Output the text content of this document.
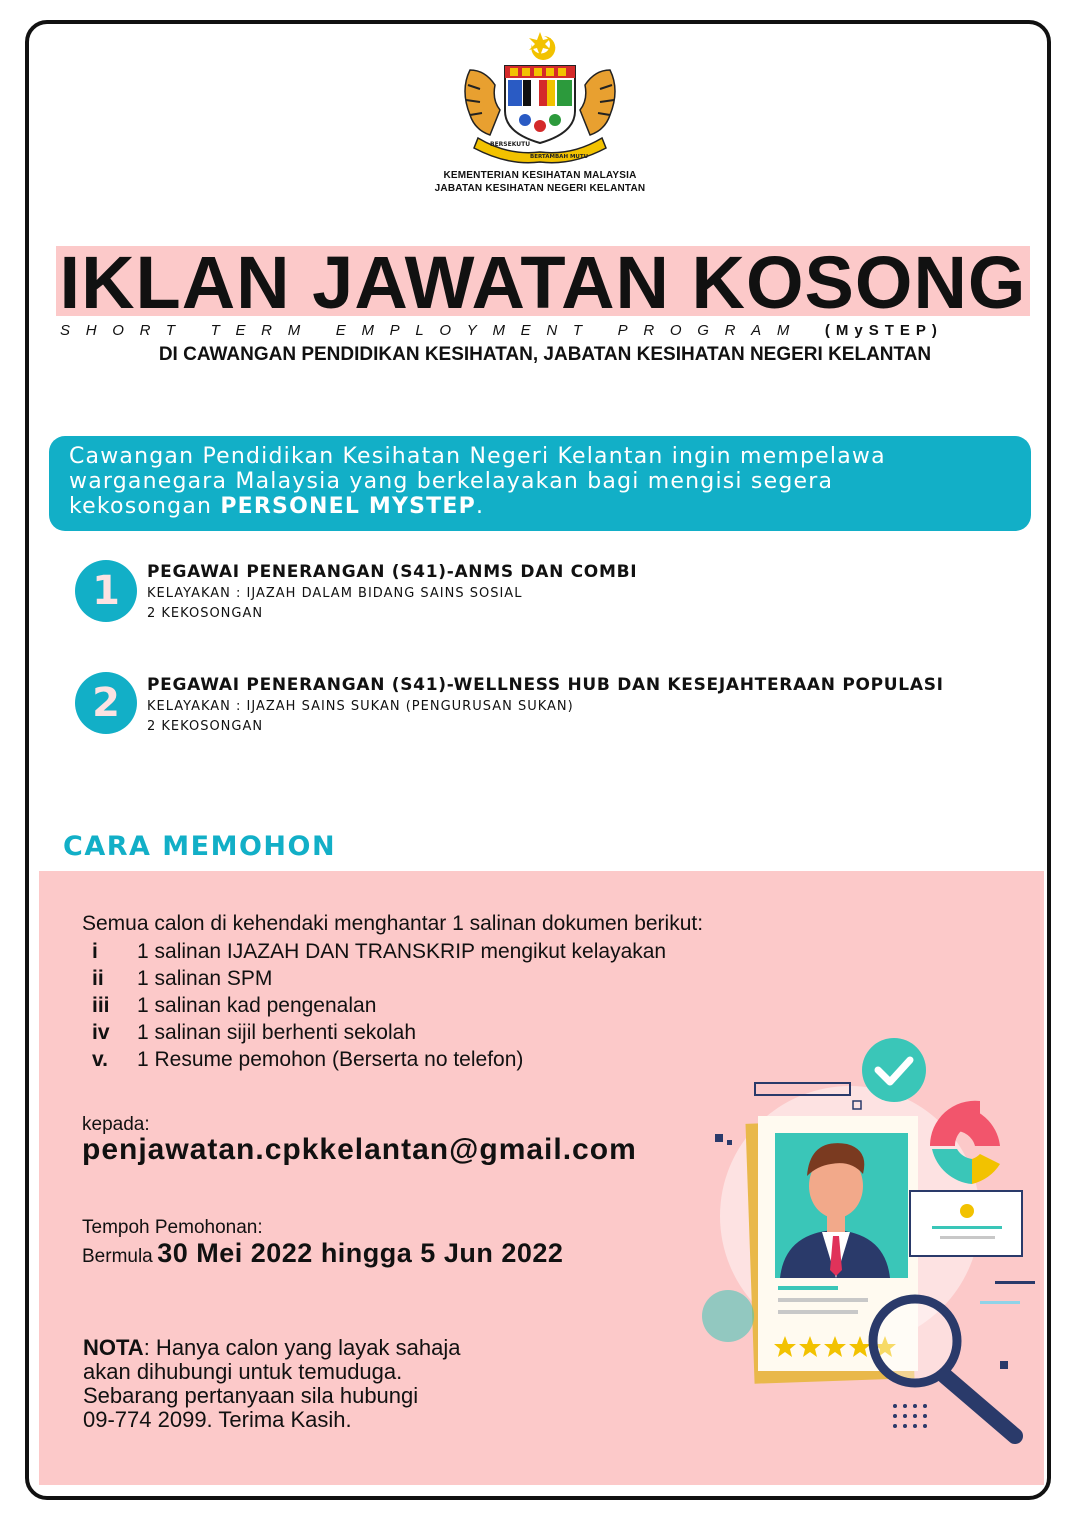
BERSEKUTU
BERTAMBAH MUTU
KEMENTERIAN KESIHATAN MALAYSIA
JABATAN KESIHATAN NEGERI KELANTAN
IKLAN JAWATAN KOSONG
SHORT TERM EMPLOYMENT PROGRAM (MySTEP)
DI CAWANGAN PENDIDIKAN KESIHATAN, JABATAN KESIHATAN NEGERI KELANTAN
Cawangan Pendidikan Kesihatan Negeri Kelantan ingin mempelawa
warganegara Malaysia yang berkelayakan bagi mengisi segera
kekosongan PERSONEL MYSTEP.
1	PEGAWAI PENERANGAN (S41)-ANMS DAN COMBI
KELAYAKAN : IJAZAH DALAM BIDANG SAINS SOSIAL
2 KEKOSONGAN
2	PEGAWAI PENERANGAN (S41)-WELLNESS HUB DAN KESEJAHTERAAN POPULASI
KELAYAKAN : IJAZAH SAINS SUKAN (PENGURUSAN SUKAN)
2 KEKOSONGAN
CARA MEMOHON
Semua calon di kehendaki menghantar 1 salinan dokumen berikut:
i	1 salinan IJAZAH DAN TRANSKRIP mengikut kelayakan
ii	1 salinan SPM
iii	1 salinan kad pengenalan
iv	1 salinan sijil berhenti sekolah
v.	1 Resume pemohon (Berserta no telefon)
kepada:
penjawatan.cpkkelantan@gmail.com
Tempoh Pemohonan:
Bermula 30 Mei 2022 hingga 5 Jun 2022
NOTA: Hanya calon yang layak sahaja
akan dihubungi untuk temuduga.
Sebarang pertanyaan sila hubungi
09-774 2099. Terima Kasih.
